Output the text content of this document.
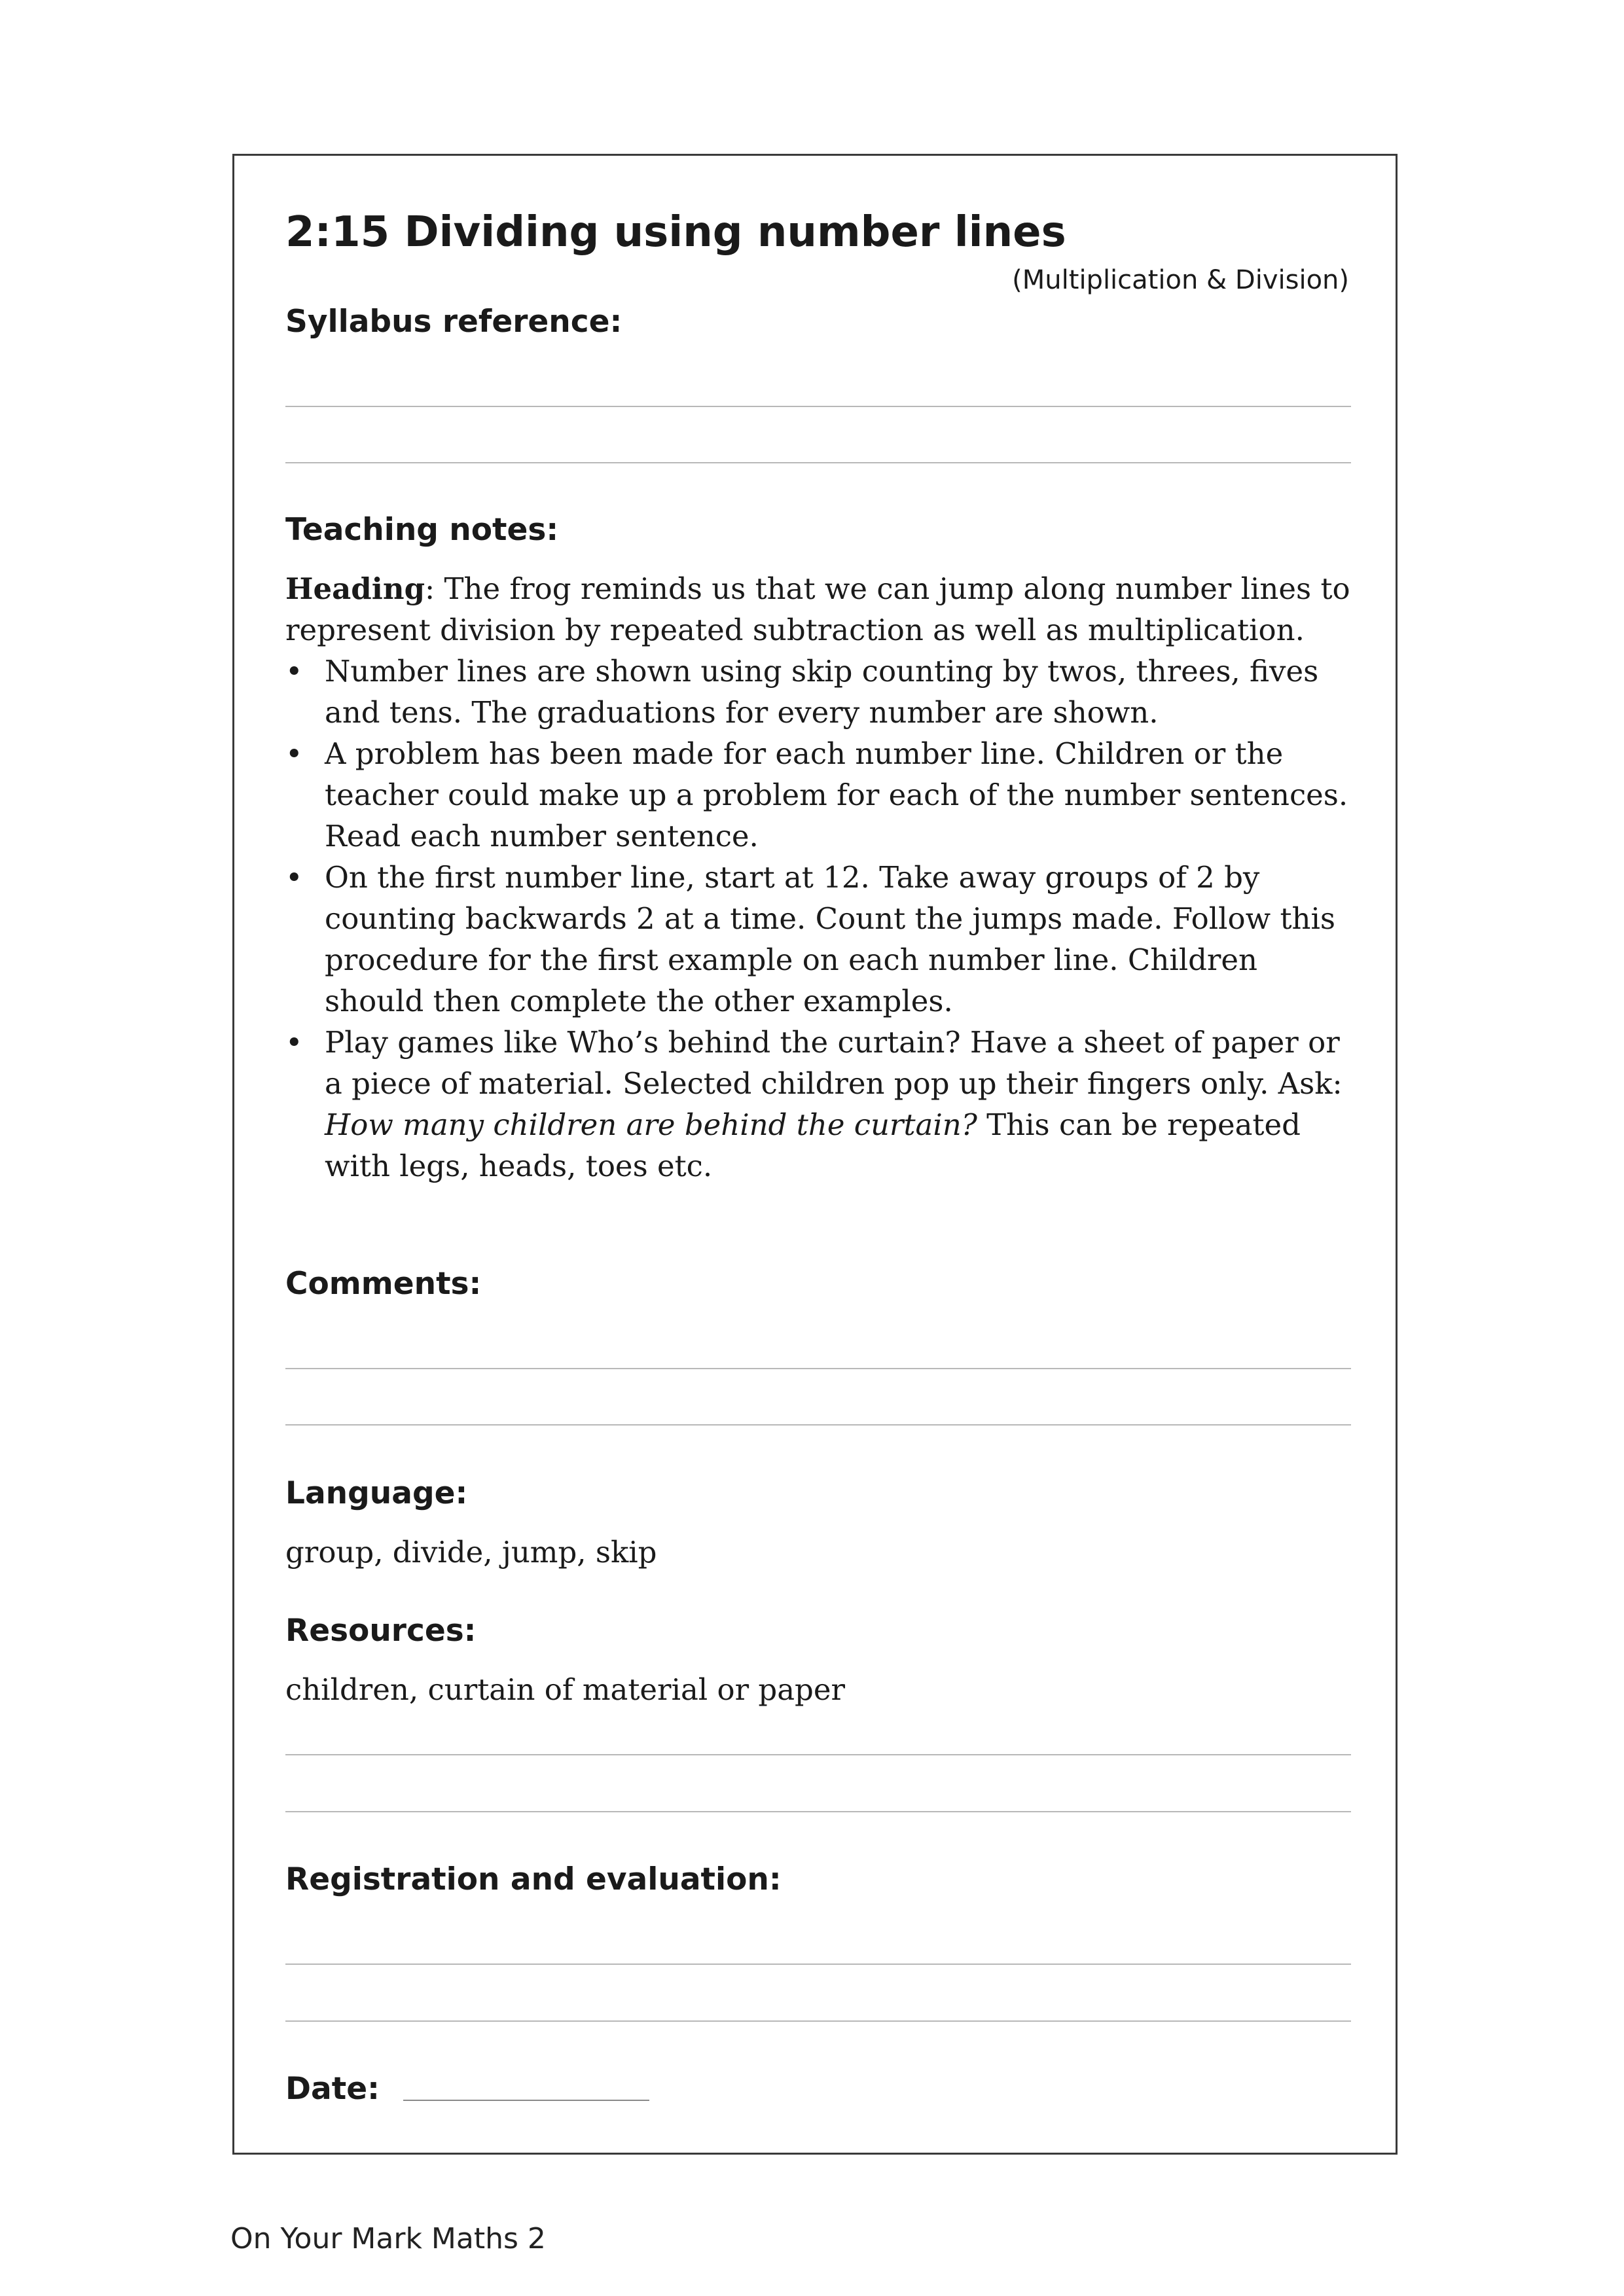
2:15 Dividing using number lines
(Multiplication & Division)
Syllabus reference:
Teaching notes:

Heading: The frog reminds us that we can jump along number lines to represent division by repeated subtraction as well as multiplication.

• Number lines are shown using skip counting by twos, threes, fives and tens. The graduations for every number are shown.
• A problem has been made for each number line. Children or the teacher could make up a problem for each of the number sentences. Read each number sentence.
• On the first number line, start at 12. Take away groups of 2 by counting backwards 2 at a time. Count the jumps made. Follow this procedure for the first example on each number line. Children should then complete the other examples.
• Play games like Who’s behind the curtain? Have a sheet of paper or a piece of material. Selected children pop up their fingers only. Ask: How many children are behind the curtain? This can be repeated with legs, heads, toes etc.
Comments:
Language:
group, divide, jump, skip
Resources:
children, curtain of material or paper
Registration and evaluation:
Date:
On Your Mark Maths 2
